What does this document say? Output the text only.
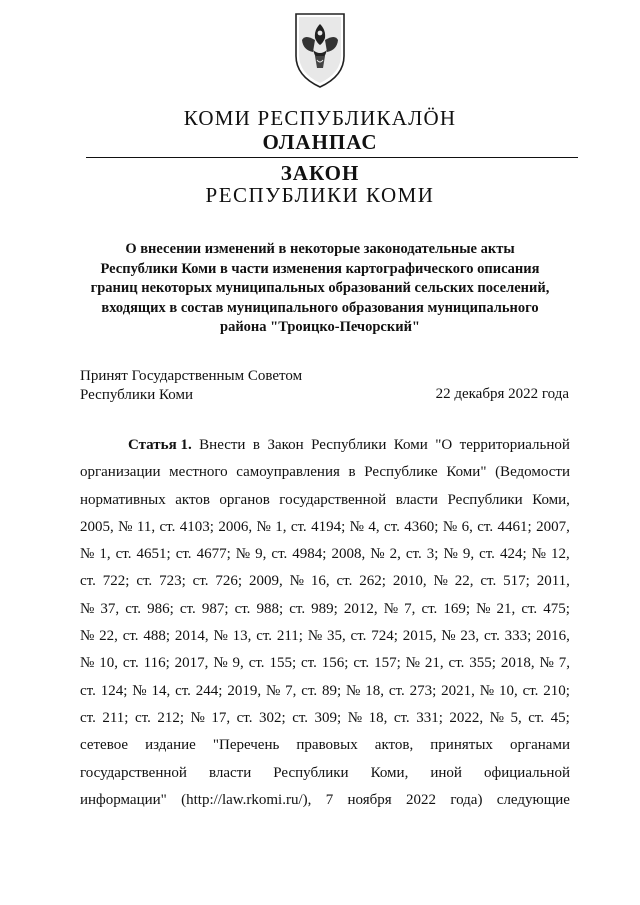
КОМИ РЕСПУБЛИКАЛÖН
ОЛАНПАС
ЗАКОН
РЕСПУБЛИКИ КОМИ
О внесении изменений в некоторые законодательные акты
Республики Коми в части изменения картографического описания
границ некоторых муниципальных образований сельских поселений,
входящих в состав муниципального образования муниципального
района "Троицко-Печорский"
Принят Государственным Советом
Республики Коми	22 декабря 2022 года
Статья 1. Внести в Закон Республики Коми "О территориальной
организации местного самоуправления в Республике Коми" (Ведомости
нормативных актов органов государственной власти Республики Коми,
2005, № 11, ст. 4103; 2006, № 1, ст. 4194; № 4, ст. 4360; № 6, ст. 4461; 2007,
№ 1, ст. 4651; ст. 4677; № 9, ст. 4984; 2008, № 2, ст. 3; № 9, ст. 424; № 12,
ст. 722; ст. 723; ст. 726; 2009, № 16, ст. 262; 2010, № 22, ст. 517; 2011,
№ 37, ст. 986; ст. 987; ст. 988; ст. 989; 2012, № 7, ст. 169; № 21, ст. 475;
№ 22, ст. 488; 2014, № 13, ст. 211; № 35, ст. 724; 2015, № 23, ст. 333; 2016,
№ 10, ст. 116; 2017, № 9, ст. 155; ст. 156; ст. 157; № 21, ст. 355; 2018, № 7,
ст. 124; № 14, ст. 244; 2019, № 7, ст. 89; № 18, ст. 273; 2021, № 10, ст. 210;
ст. 211; ст. 212; № 17, ст. 302; ст. 309; № 18, ст. 331; 2022, № 5, ст. 45;
сетевое издание "Перечень правовых актов, принятых органами
государственной власти Республики Коми, иной официальной
информации" (http://law.rkomi.ru/), 7 ноября 2022 года) следующие
